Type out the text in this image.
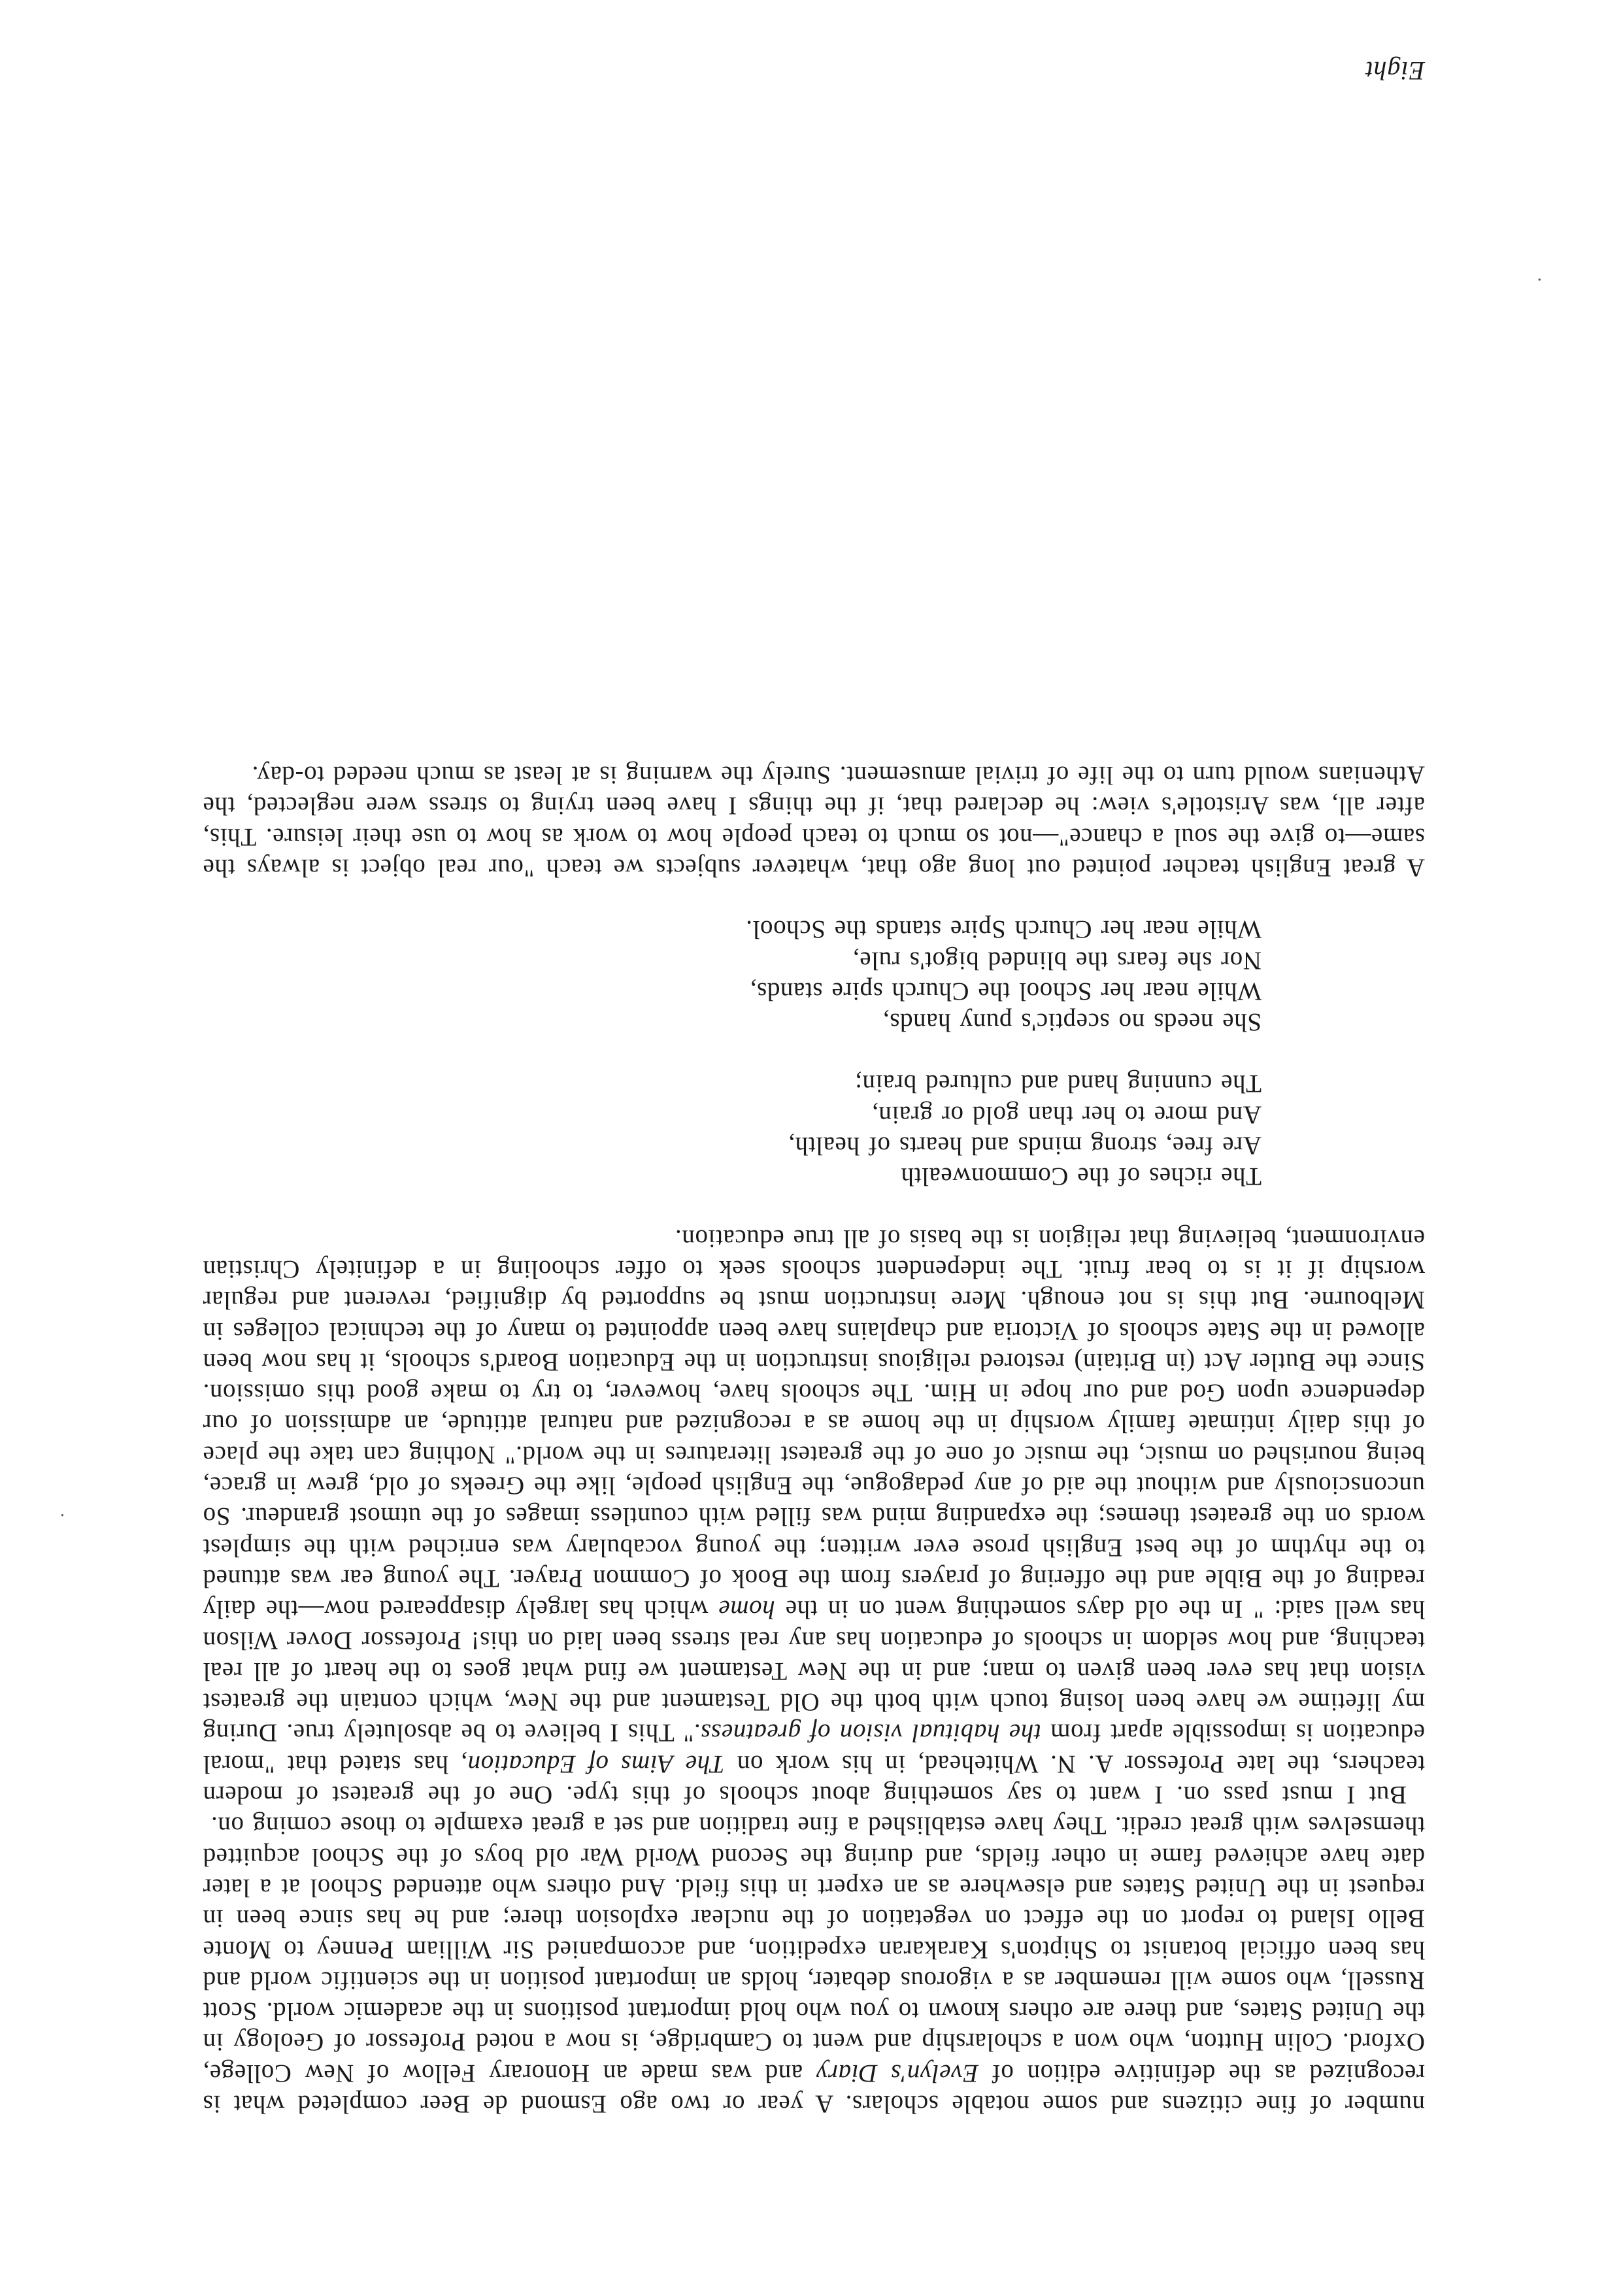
number of fine citizens and some notable scholars. A year or two ago Esmond de Beer completed what is recognized as the definitive edition of Evelyn's Diary and was made an Honorary Fellow of New College, Oxford. Colin Hutton, who won a scholarship and went to Cambridge, is now a noted Professor of Geology in the United States, and there are others known to you who hold important positions in the academic world. Scott Russell, who some will remember as a vigorous debater, holds an important position in the scientific world and has been official botanist to Shipton's Karakaran expedition, and accompanied Sir William Penney to Monte Bello Island to report on the effect on vegetation of the nuclear explosion there; and he has since been in request in the United States and elsewhere as an expert in this field. And others who attended School at a later date have achieved fame in other fields, and during the Second World War old boys of the School acquitted themselves with great credit. They have established a fine tradition and set a great example to those coming on.

But I must pass on. I want to say something about schools of this type. One of the greatest of modern teachers, the late Professor A. N. Whitehead, in his work on The Aims of Education, has stated that "moral education is impossible apart from the habitual vision of greatness." This I believe to be absolutely true. During my lifetime we have been losing touch with both the Old Testament and the New, which contain the greatest vision that has ever been given to man; and in the New Testament we find what goes to the heart of all real teaching, and how seldom in schools of education has any real stress been laid on this! Professor Dover Wilson has well said: " In the old days something went on in the home which has largely disappeared now—the daily reading of the Bible and the offering of prayers from the Book of Common Prayer. The young ear was attuned to the rhythm of the best English prose ever written; the young vocabulary was enriched with the simplest words on the greatest themes; the expanding mind was filled with countless images of the utmost grandeur. So unconsciously and without the aid of any pedagogue, the English people, like the Greeks of old, grew in grace, being nourished on music, the music of one of the greatest literatures in the world." Nothing can take the place of this daily intimate family worship in the home as a recognized and natural attitude, an admission of our dependence upon God and our hope in Him. The schools have, however, to try to make good this omission. Since the Butler Act (in Britain) restored religious instruction in the Education Board's schools, it has now been allowed in the State schools of Victoria and chaplains have been appointed to many of the technical colleges in Melbourne. But this is not enough. Mere instruction must be supported by dignified, reverent and regular worship if it is to bear fruit. The independent schools seek to offer schooling in a definitely Christian environment, believing that religion is the basis of all true education.

The riches of the Commonwealth
Are free, strong minds and hearts of health,
And more to her than gold or grain,
The cunning hand and cultured brain;
She needs no sceptic's puny hands,
While near her School the Church spire stands,
Nor she fears the blinded bigot's rule,
While near her Church Spire stands the School.

A great English teacher pointed out long ago that, whatever subjects we teach "our real object is always the same—to give the soul a chance"—not so much to teach people how to work as how to use their leisure. This, after all, was Aristotle's view: he declared that, if the things I have been trying to stress were neglected, the Athenians would turn to the life of trivial amusement. Surely the warning is at least as much needed to-day.

Eight
·
·
